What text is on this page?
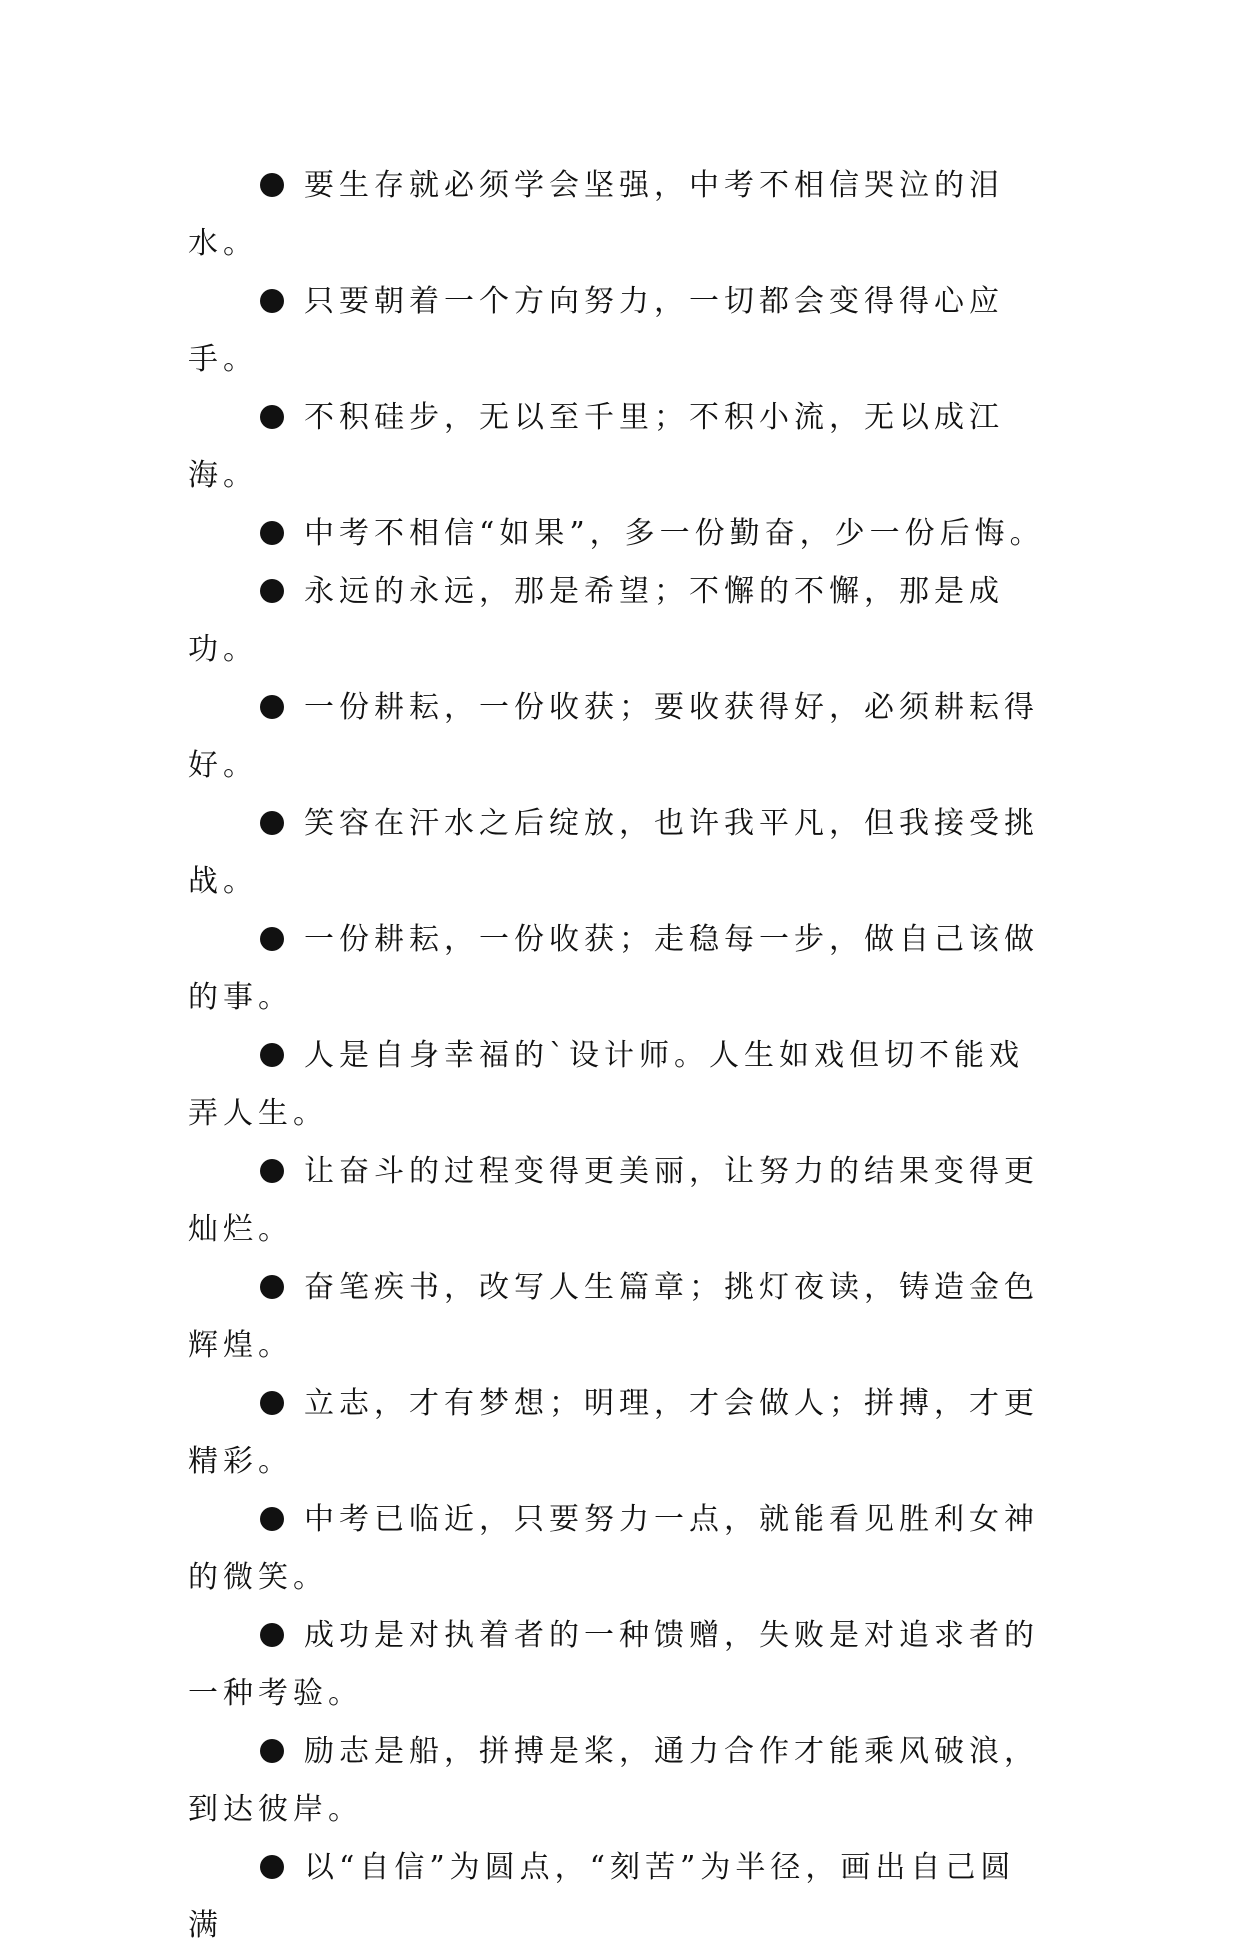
要生存就必须学会坚强，中考不相信哭泣的泪水。

只要朝着一个方向努力，一切都会变得得心应手。

不积硅步，无以至千里；不积小流，无以成江海。

中考不相信“如果”，多一份勤奋，少一份后悔。

永远的永远，那是希望；不懈的不懈，那是成功。

一份耕耘，一份收获；要收获得好，必须耕耘得好。

笑容在汗水之后绽放，也许我平凡，但我接受挑战。

一份耕耘，一份收获；走稳每一步，做自己该做的事。

人是自身幸福的`设计师。人生如戏但切不能戏弄人生。

让奋斗的过程变得更美丽，让努力的结果变得更灿烂。

奋笔疾书，改写人生篇章；挑灯夜读，铸造金色辉煌。

立志，才有梦想；明理，才会做人；拼搏，才更精彩。

中考已临近，只要努力一点，就能看见胜利女神的微笑。

成功是对执着者的一种馈赠，失败是对追求者的一种考验。

励志是船，拼搏是桨，通力合作才能乘风破浪，到达彼岸。

以“自信”为圆点，“刻苦”为半径，画出自己圆满
